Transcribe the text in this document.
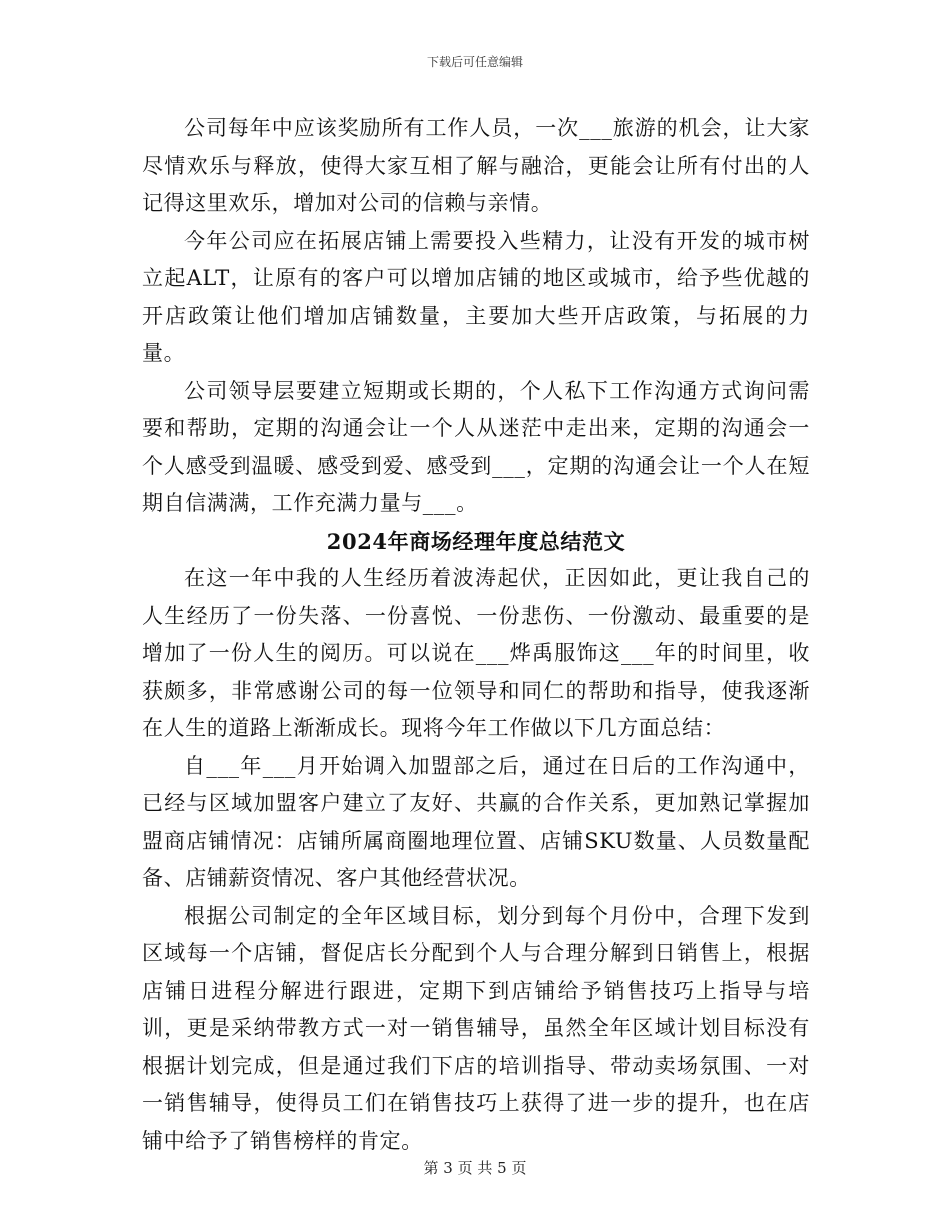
下载后可任意编辑

公司每年中应该奖励所有工作人员，一次___旅游的机会，让大家尽情欢乐与释放，使得大家互相了解与融洽，更能会让所有付出的人记得这里欢乐，增加对公司的信赖与亲情。

今年公司应在拓展店铺上需要投入些精力，让没有开发的城市树立起ALT，让原有的客户可以增加店铺的地区或城市，给予些优越的开店政策让他们增加店铺数量，主要加大些开店政策，与拓展的力量。

公司领导层要建立短期或长期的，个人私下工作沟通方式询问需要和帮助，定期的沟通会让一个人从迷茫中走出来，定期的沟通会一个人感受到温暖、感受到爱、感受到___，定期的沟通会让一个人在短期自信满满，工作充满力量与___。

2024年商场经理年度总结范文

在这一年中我的人生经历着波涛起伏，正因如此，更让我自己的人生经历了一份失落、一份喜悦、一份悲伤、一份激动、最重要的是增加了一份人生的阅历。可以说在___烨禹服饰这___年的时间里，收获颇多，非常感谢公司的每一位领导和同仁的帮助和指导，使我逐渐在人生的道路上渐渐成长。现将今年工作做以下几方面总结：

自___年___月开始调入加盟部之后，通过在日后的工作沟通中，已经与区域加盟客户建立了友好、共赢的合作关系，更加熟记掌握加盟商店铺情况：店铺所属商圈地理位置、店铺SKU数量、人员数量配备、店铺薪资情况、客户其他经营状况。

根据公司制定的全年区域目标，划分到每个月份中，合理下发到区域每一个店铺，督促店长分配到个人与合理分解到日销售上，根据店铺日进程分解进行跟进，定期下到店铺给予销售技巧上指导与培训，更是采纳带教方式一对一销售辅导，虽然全年区域计划目标没有根据计划完成，但是通过我们下店的培训指导、带动卖场氛围、一对一销售辅导，使得员工们在销售技巧上获得了进一步的提升，也在店铺中给予了销售榜样的肯定。

第 3 页 共 5 页
